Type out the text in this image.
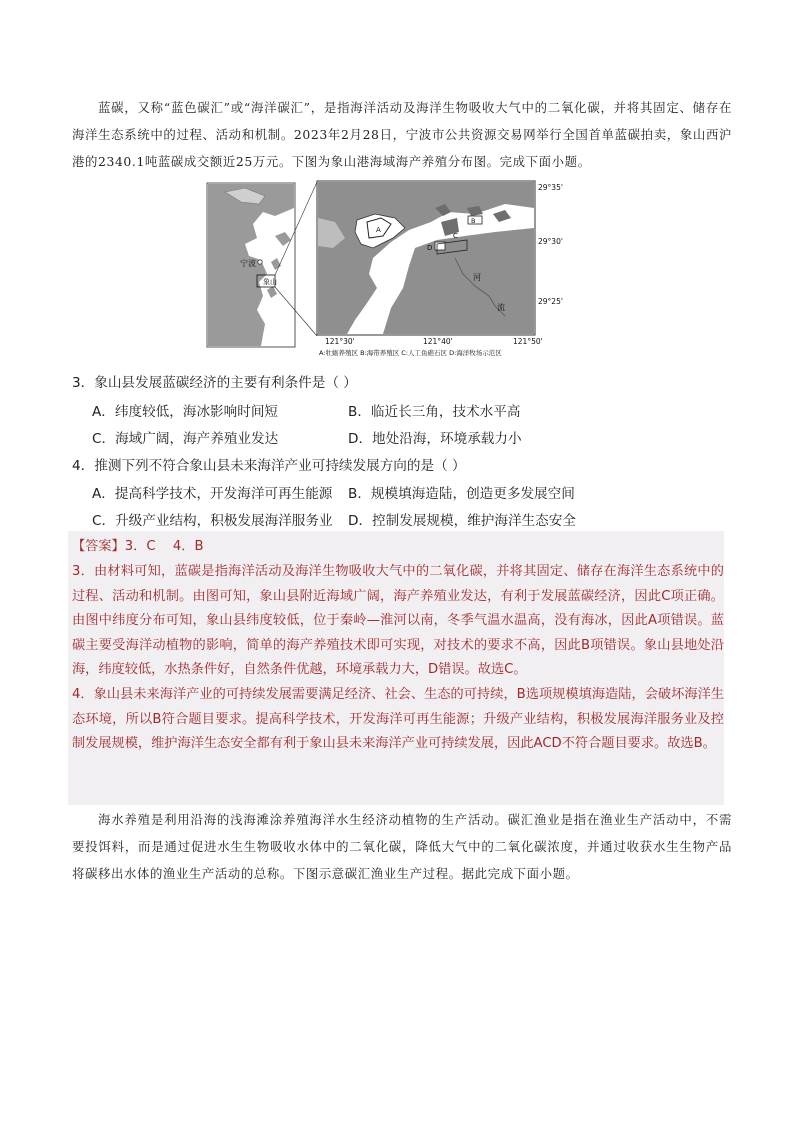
蓝碳，又称“蓝色碳汇”或“海洋碳汇”，是指海洋活动及海洋生物吸收大气中的二氧化碳，并将其固定、储存在海洋生态系统中的过程、活动和机制。2023年2月28日，宁波市公共资源交易网举行全国首单蓝碳拍卖，象山西沪港的2340.1吨蓝碳成交额近25万元。下图为象山港海域海产养殖分布图。完成下面小题。
宁波
象山
A
B
C
D
河
流
29°35'
29°30'
29°25'
121°30'	121°40'	121°50'
A:牡蛎养殖区 B:海带养殖区 C:人工鱼礁石区 D:海洋牧场示范区
3．象山县发展蓝碳经济的主要有利条件是（ ）
A．纬度较低，海冰影响时间短	B．临近长三角，技术水平高
C．海域广阔，海产养殖业发达	D．地处沿海，环境承载力小
4．推测下列不符合象山县未来海洋产业可持续发展方向的是（ ）
A．提高科学技术，开发海洋可再生能源 B．规模填海造陆，创造更多发展空间
C．升级产业结构，积极发展海洋服务业 D．控制发展规模，维护海洋生态安全
【答案】3．C　 4．B

3．由材料可知，蓝碳是指海洋活动及海洋生物吸收大气中的二氧化碳，并将其固定、储存在海洋生态系统中的过程、活动和机制。由图可知，象山县附近海域广阔，海产养殖业发达，有利于发展蓝碳经济，因此C项正确。由图中纬度分布可知，象山县纬度较低，位于秦岭—淮河以南，冬季气温水温高，没有海冰，因此A项错误。蓝碳主要受海洋动植物的影响，简单的海产养殖技术即可实现，对技术的要求不高，因此B项错误。象山县地处沿海，纬度较低，水热条件好，自然条件优越，环境承载力大，D错误。故选C。

4．象山县未来海洋产业的可持续发展需要满足经济、社会、生态的可持续，B选项规模填海造陆，会破坏海洋生态环境，所以B符合题目要求。提高科学技术，开发海洋可再生能源；升级产业结构，积极发展海洋服务业及控制发展规模，维护海洋生态安全都有利于象山县未来海洋产业可持续发展，因此ACD不符合题目要求。故选B。

海水养殖是利用沿海的浅海滩涂养殖海洋水生经济动植物的生产活动。碳汇渔业是指在渔业生产活动中，不需要投饵料，而是通过促进水生生物吸收水体中的二氧化碳，降低大气中的二氧化碳浓度，并通过收获水生生物产品将碳移出水体的渔业生产活动的总称。下图示意碳汇渔业生产过程。据此完成下面小题。
